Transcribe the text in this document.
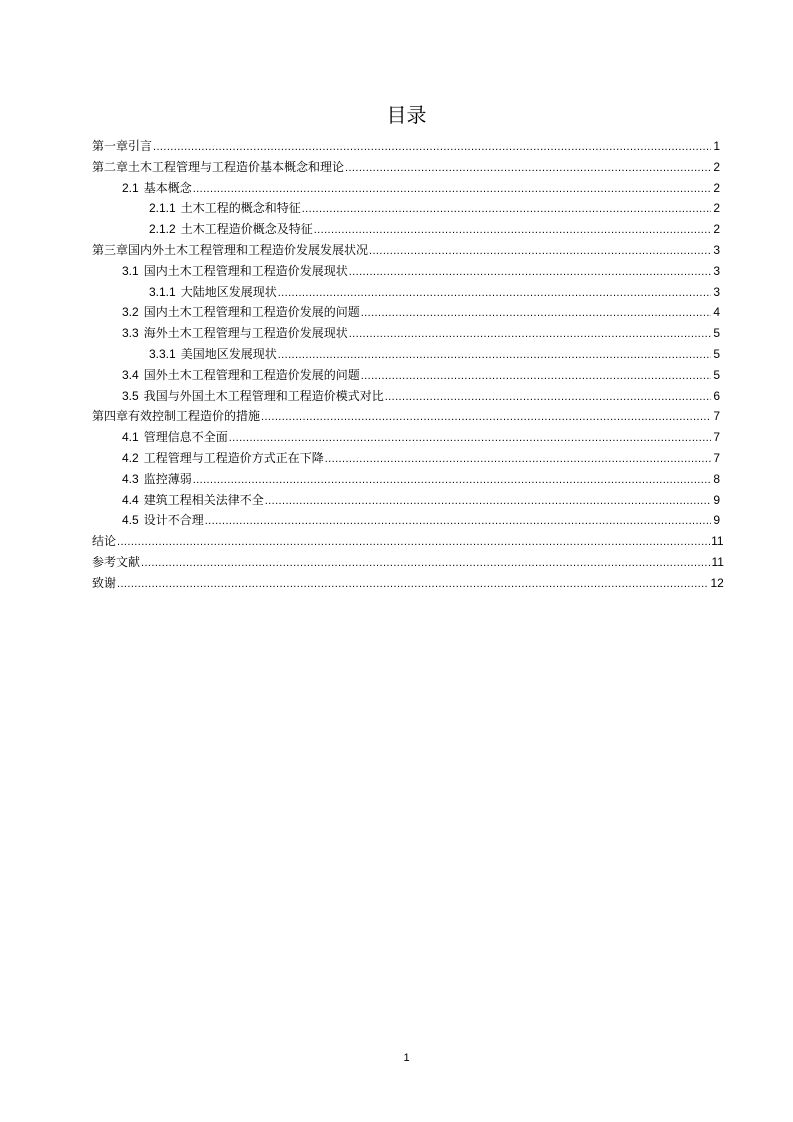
目录
第一章引言 .....	1
第二章土木工程管理与工程造价基本概念和理论 .....	2
2.1 基本概念 .....	2
2.1.1 土木工程的概念和特征 .....	2
2.1.2 土木工程造价概念及特征 .....	2
第三章国内外土木工程管理和工程造价发展发展状况 .....	3
3.1 国内土木工程管理和工程造价发展现状 .....	3
3.1.1 大陆地区发展现状 .....	3
3.2 国内土木工程管理和工程造价发展的问题 .....	4
3.3 海外土木工程管理与工程造价发展现状 .....	5
3.3.1 美国地区发展现状 .....	5
3.4 国外土木工程管理和工程造价发展的问题 .....	5
3.5 我国与外国土木工程管理和工程造价模式对比 .....	6
第四章有效控制工程造价的措施 .....	7
4.1 管理信息不全面 .....	7
4.2 工程管理与工程造价方式正在下降 .....	7
4.3 监控薄弱 .....	8
4.4 建筑工程相关法律不全 .....	9
4.5 设计不合理 .....	9
结论 .....	11
参考文献 .....	11
致谢 .....	12
1
